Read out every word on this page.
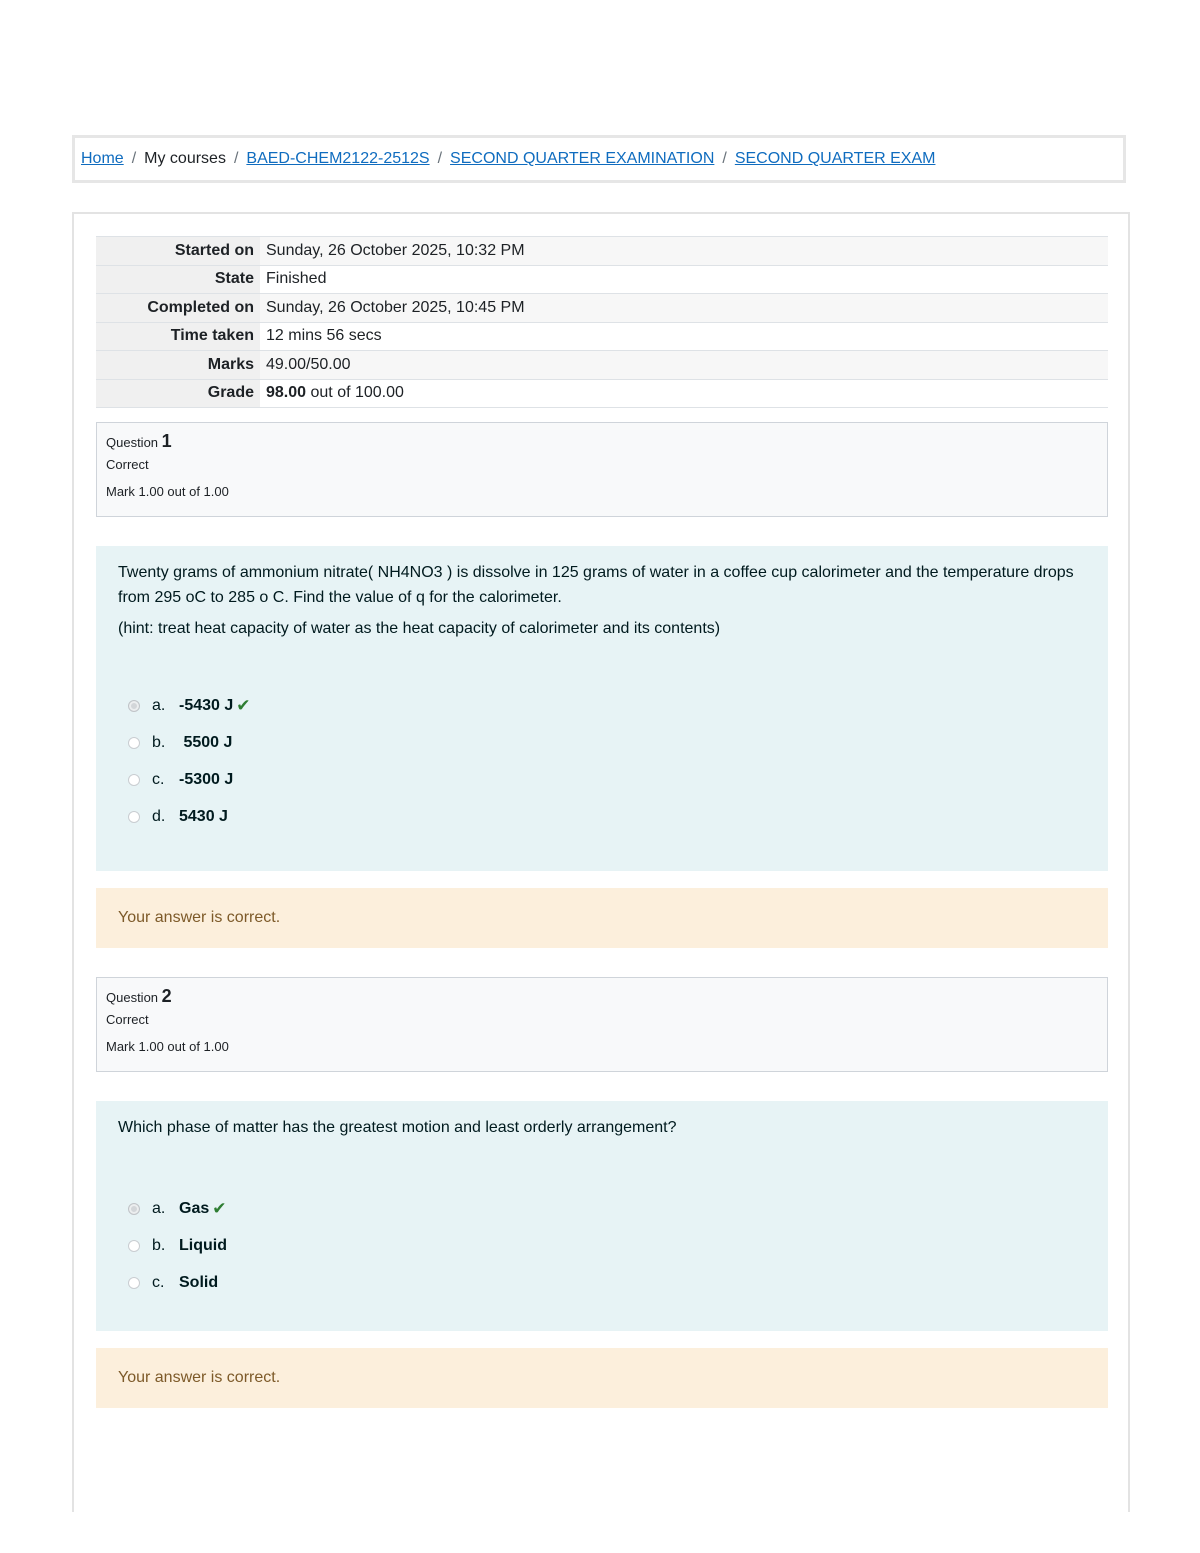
Home / My courses / BAED-CHEM2122-2512S / SECOND QUARTER EXAMINATION / SECOND QUARTER EXAM
Started on	Sunday, 26 October 2025, 10:32 PM
State	Finished
Completed on	Sunday, 26 October 2025, 10:45 PM
Time taken	12 mins 56 secs
Marks	49.00/50.00
Grade	98.00 out of 100.00
Question 1
Correct
Mark 1.00 out of 1.00

Twenty grams of ammonium nitrate( NH4NO3 ) is dissolve in 125 grams of water in a coffee cup calorimeter and the temperature drops from 295 oC to 285 o C. Find the value of q for the calorimeter.

(hint: treat heat capacity of water as the heat capacity of calorimeter and its contents)

a. -5430 J ✔
b. 5500 J
c. -5300 J
d. 5430 J
Your answer is correct.
Question 2
Correct
Mark 1.00 out of 1.00

Which phase of matter has the greatest motion and least orderly arrangement?

a. Gas ✔
b. Liquid
c. Solid
Your answer is correct.
